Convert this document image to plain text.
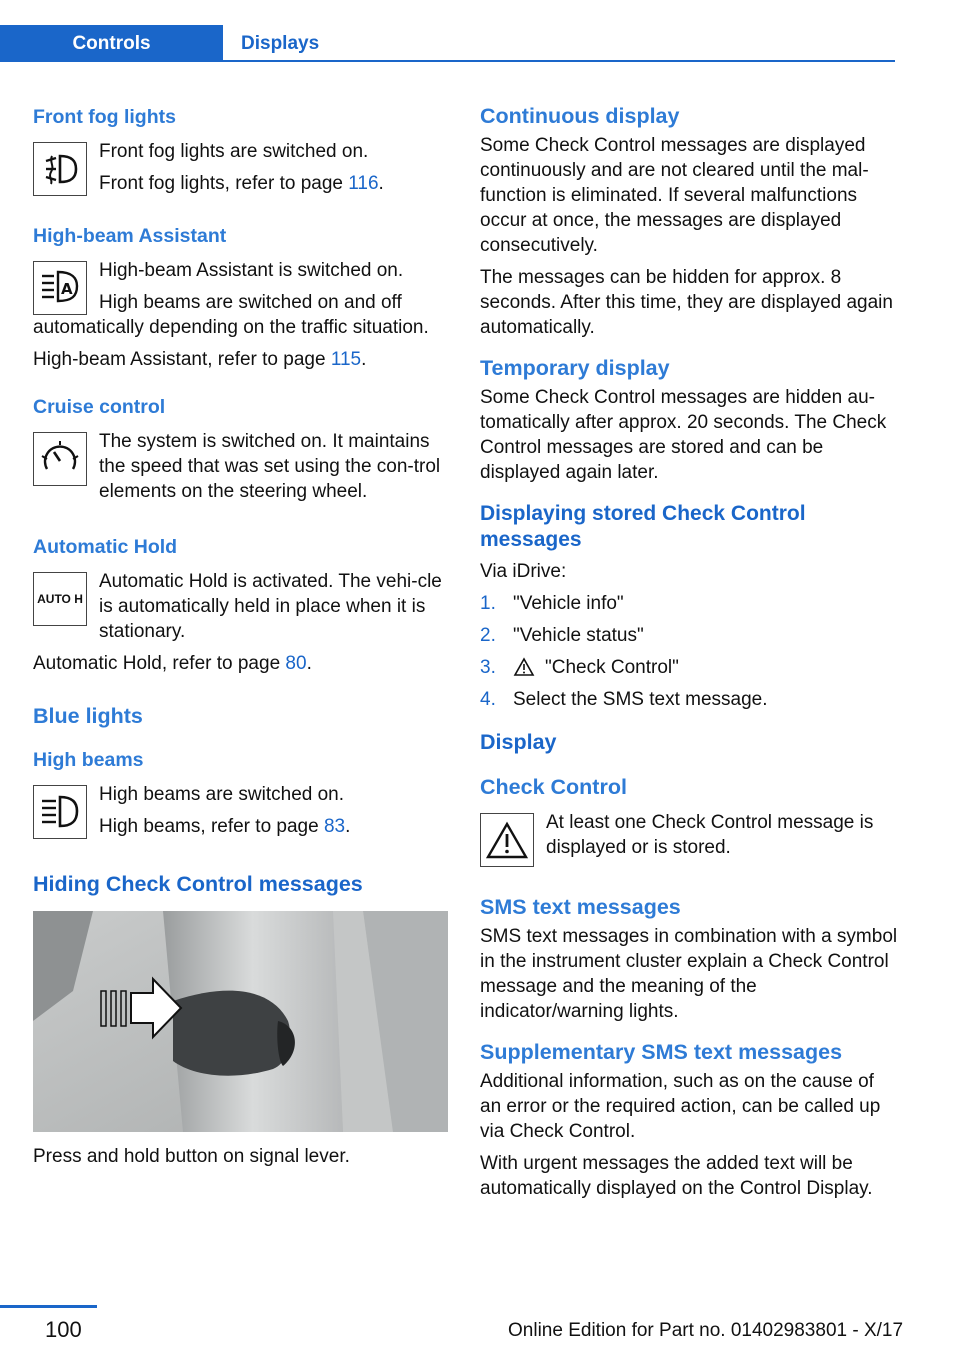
Controls	Displays
Front fog lights

Front fog lights are switched on.

Front fog lights, refer to page 116.

High-beam Assistant
A

High-beam Assistant is switched on.

High beams are switched on and off automatically depending on the traffic situation.

High-beam Assistant, refer to page 115.

Cruise control

The system is switched on. It maintains the speed that was set using the con‐trol elements on the steering wheel.

Automatic Hold
AUTO H

Automatic Hold is activated. The vehi‐cle is automatically held in place when it is stationary.

Automatic Hold, refer to page 80.

Blue lights
High beams

High beams are switched on.

High beams, refer to page 83.

Hiding Check Control messages

Press and hold button on signal lever.

Continuous display

Some Check Control messages are displayed continuously and are not cleared until the mal‐function is eliminated. If several malfunctions occur at once, the messages are displayed consecutively.

The messages can be hidden for approx. 8 seconds. After this time, they are displayed again automatically.

Temporary display

Some Check Control messages are hidden au‐tomatically after approx. 20 seconds. The Check Control messages are stored and can be displayed again later.

Displaying stored Check Control messages

Via iDrive:

1. "Vehicle info"
2. "Vehicle status"
3.	"Check Control"
4. Select the SMS text message.
Display
Check Control

At least one Check Control message is displayed or is stored.

SMS text messages

SMS text messages in combination with a symbol in the instrument cluster explain a Check Control message and the meaning of the indicator/warning lights.

Supplementary SMS text messages

Additional information, such as on the cause of an error or the required action, can be called up via Check Control.

With urgent messages the added text will be automatically displayed on the Control Display.

100	Online Edition for Part no. 01402983801 - X/17
